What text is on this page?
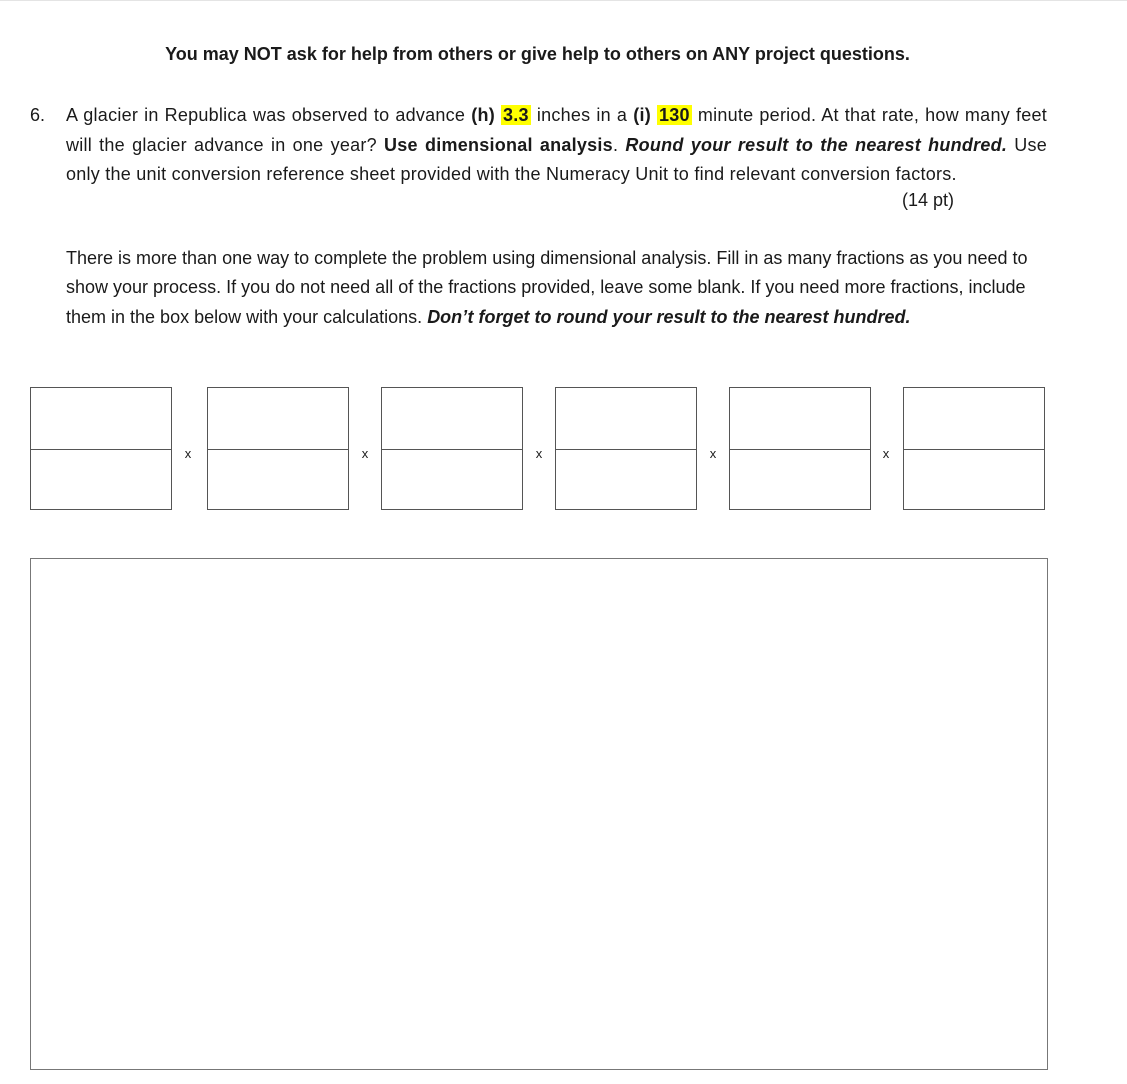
You may NOT ask for help from others or give help to others on ANY project questions.
6. A glacier in Republica was observed to advance (h) 3.3 inches in a (i) 130 minute period. At that rate, how many feet will the glacier advance in one year? Use dimensional analysis. Round your result to the nearest hundred. Use only the unit conversion reference sheet provided with the Numeracy Unit to find relevant conversion factors.
(14 pt)
There is more than one way to complete the problem using dimensional analysis. Fill in as many fractions as you need to show your process. If you do not need all of the fractions provided, leave some blank. If you need more fractions, include them in the box below with your calculations. Don’t forget to round your result to the nearest hundred.
x	x	x	x	x
